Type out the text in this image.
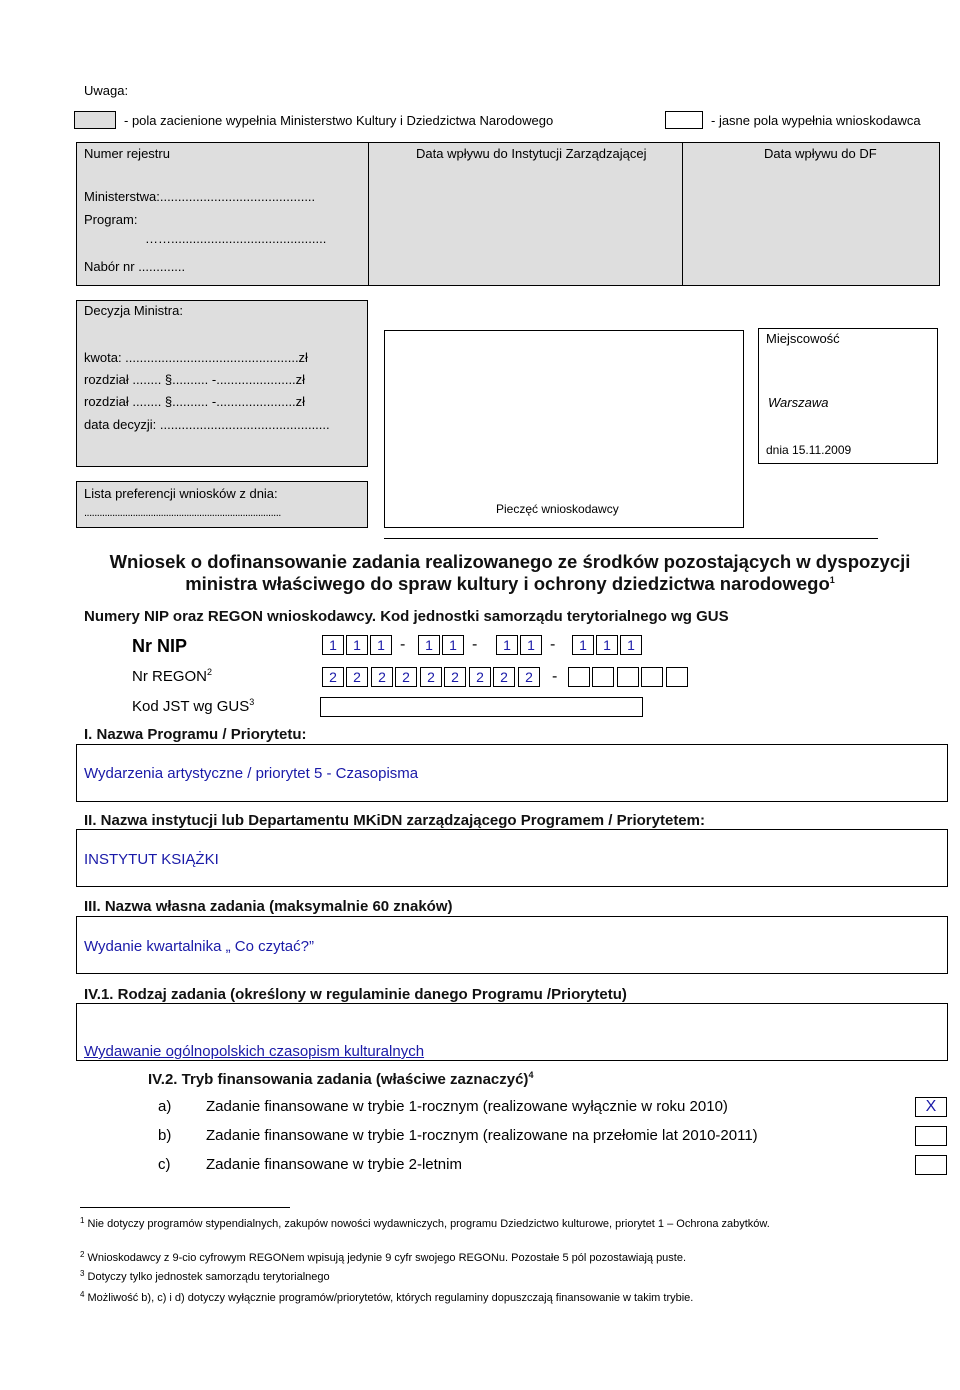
Uwaga:
- pola zacienione wypełnia Ministerstwo Kultury i Dziedzictwa Narodowego	- jasne pola wypełnia wnioskodawca
Numer rejestru	Data wpływu do Instytucji Zarządzającej	Data wpływu do DF
Ministerstwa:...........................................
Program:
……...........................................
Nabór nr .............
Decyzja Ministra:
kwota: ................................................zł
rozdział ........ §.......... -......................zł
rozdział ........ §.......... -......................zł
data decyzji: ...............................................
Pieczęć wnioskodawcy
Miejscowość
Warszawa
dnia 15.11.2009
Lista preferencji wniosków z dnia:
.............................................................................
Wniosek o dofinansowanie zadania realizowanego ze środków pozostających w dyspozycji
ministra właściwego do spraw kultury i ochrony dziedzictwa narodowego$^1$
Numery NIP oraz REGON wnioskodawcy. Kod jednostki samorządu terytorialnego wg GUS
Nr NIP	1	1	1 -	1	1 -	1	1 -	1	1	1
Nr REGON$^2$	2	2	2	2	2	2	2	2	2	-
Kod JST wg GUS$^3$
I. Nazwa Programu / Priorytetu:
Wydarzenia artystyczne / priorytet 5 - Czasopisma
II. Nazwa instytucji lub Departamentu MKiDN zarządzającego Programem / Priorytetem:
INSTYTUT KSIĄŻKI
III. Nazwa własna zadania (maksymalnie 60 znaków)
Wydanie kwartalnika „ Co czytać?”
IV.1. Rodzaj zadania (określony w regulaminie danego Programu /Priorytetu)
Wydawanie ogólnopolskich czasopism kulturalnych
IV.2. Tryb finansowania zadania (właściwe zaznaczyć)$^4$
a) Zadanie finansowane w trybie 1-rocznym (realizowane wyłącznie w roku 2010)	X
b) Zadanie finansowane w trybie 1-rocznym (realizowane na przełomie lat 2010-2011)
c) Zadanie finansowane w trybie 2-letnim
$^1$ Nie dotyczy programów stypendialnych, zakupów nowości wydawniczych, programu Dziedzictwo kulturowe, priorytet 1 – Ochrona zabytków.
$^2$ Wnioskodawcy z 9-cio cyfrowym REGONem wpisują jedynie 9 cyfr swojego REGONu. Pozostałe 5 pól pozostawiają puste.
$^3$ Dotyczy tylko jednostek samorządu terytorialnego
$^4$ Możliwość b), c) i d) dotyczy wyłącznie programów/priorytetów, których regulaminy dopuszczają finansowanie w takim trybie.
